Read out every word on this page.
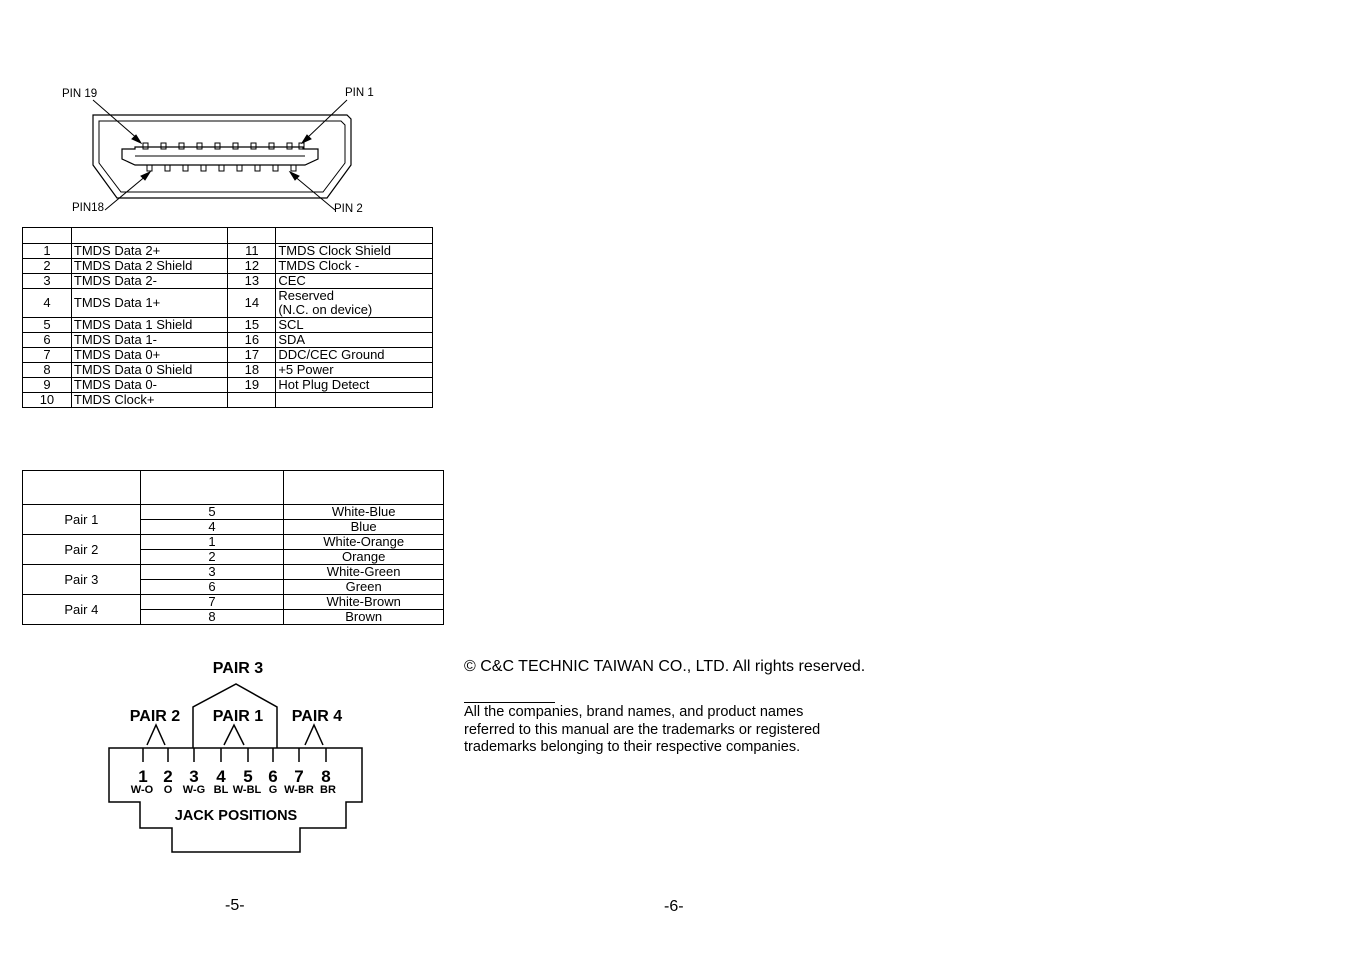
PIN 19	PIN 1
PIN18	PIN 2

1	TMDS Data 2+	11	TMDS Clock Shield
2	TMDS Data 2 Shield	12	TMDS Clock -
3	TMDS Data 2-	13	CEC
4	TMDS Data 1+	14	Reserved
(N.C. on device)

5	TMDS Data 1 Shield	15	SCL
6	TMDS Data 1-	16	SDA
7	TMDS Data 0+	17	DDC/CEC Ground
8	TMDS Data 0 Shield	18	+5 Power
9	TMDS Data 0-	19	Hot Plug Detect
10	TMDS Clock+		

Pair 1	5	White-Blue
	4	Blue
Pair 2	1	White-Orange
	2	Orange
Pair 3	3	White-Green
	6	Green
Pair 4	7	White-Brown
	8	Brown
PAIR 3
PAIR 2 PAIR 1 PAIR 4
1 2 3 4 5 6 7 8
W-O O W-G BL W-BL G W-BR BR
JACK POSITIONS
© C&C TECHNIC TAIWAN CO., LTD. All rights reserved.
All the companies, brand names, and product names
referred to this manual are the trademarks or registered
trademarks belonging to their respective companies.
-5-	-6-
